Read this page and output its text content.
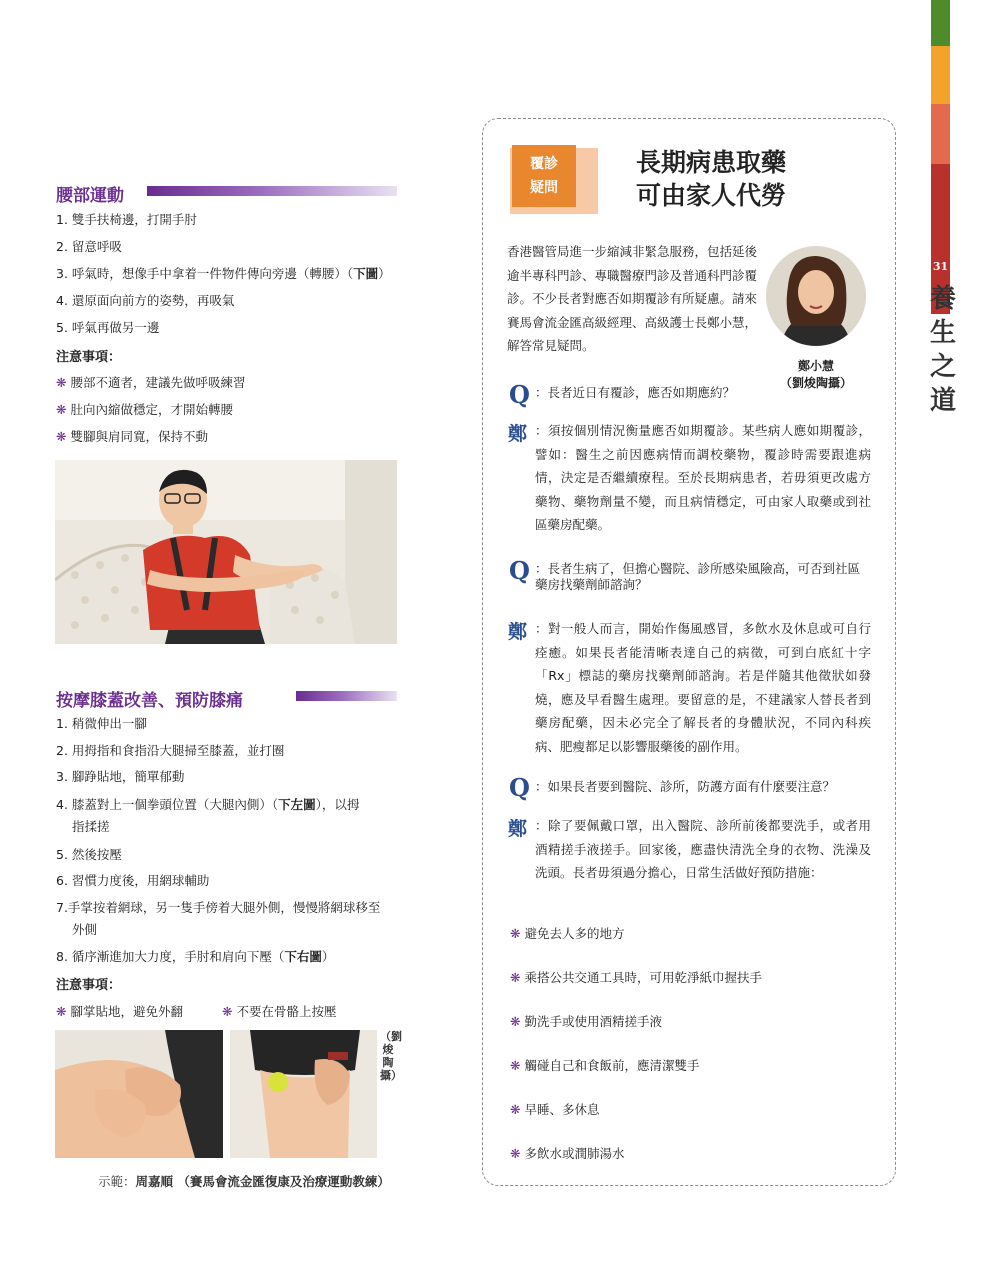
31
養
生
之
道
腰部運動
1. 雙手扶椅邊，打開手肘
2. 留意呼吸
3. 呼氣時，想像手中拿着一件物件傳向旁邊（轉腰）（下圖）
4. 還原面向前方的姿勢，再吸氣
5. 呼氣再做另一邊
注意事項：
❋ 腰部不適者，建議先做呼吸練習
❋ 肚向內縮做穩定，才開始轉腰
❋ 雙腳與肩同寬，保持不動
按摩膝蓋改善、預防膝痛
1. 稍微伸出一腳
2. 用拇指和食指沿大腿掃至膝蓋，並打圈
3. 腳踭貼地，簡單郁動
4. 膝蓋對上一個拳頭位置（大腿內側）（下左圖），以拇
指揉搓
5. 然後按壓
6. 習慣力度後，用網球輔助
7.手掌按着網球，另一隻手傍着大腿外側，慢慢將網球移至
外側
8. 循序漸進加大力度，手肘和肩向下壓（下右圖）
注意事項：
❋ 腳掌貼地，避免外翻	❋ 不要在骨骼上按壓
（劉焌陶攝）
示範：周嘉順 （賽馬會流金匯復康及治療運動教練）
覆診
疑問
長期病患取藥
可由家人代勞
香港醫管局進一步縮減非緊急服務，包括延後逾半專科門診、專職醫療門診及普通科門診覆診。不少長者對應否如期覆診有所疑慮。請來賽馬會流金匯高級經理、高級護士長鄭小慧，解答常見疑問。
鄭小慧
（劉焌陶攝）
Q ：長者近日有覆診，應否如期應約？
鄭 ：須按個別情況衡量應否如期覆診。某些病人應如期覆診，譬如：醫生之前因應病情而調校藥物，覆診時需要跟進病情，決定是否繼續療程。至於長期病患者，若毋須更改處方藥物、藥物劑量不變，而且病情穩定，可由家人取藥或到社區藥房配藥。
Q ：長者生病了，但擔心醫院、診所感染風險高，可否到社區藥房找藥劑師諮詢？
鄭 ：對一般人而言，開始作傷風感冒，多飲水及休息或可自行痊癒。如果長者能清晰表達自己的病徵，可到白底紅十字「Rx」標誌的藥房找藥劑師諮詢。若是伴隨其他徵狀如發燒，應及早看醫生處理。要留意的是，不建議家人替長者到藥房配藥，因未必完全了解長者的身體狀況，不同內科疾病、肥瘦都足以影響服藥後的副作用。
Q ：如果長者要到醫院、診所，防護方面有什麼要注意？
鄭 ：除了要佩戴口罩，出入醫院、診所前後都要洗手，或者用酒精搓手液搓手。回家後，應盡快清洗全身的衣物、洗澡及洗頭。長者毋須過分擔心，日常生活做好預防措施：
❋ 避免去人多的地方
❋ 乘搭公共交通工具時，可用乾淨紙巾握扶手
❋ 勤洗手或使用酒精搓手液
❋ 觸碰自己和食飯前，應清潔雙手
❋ 早睡、多休息
❋ 多飲水或潤肺湯水
